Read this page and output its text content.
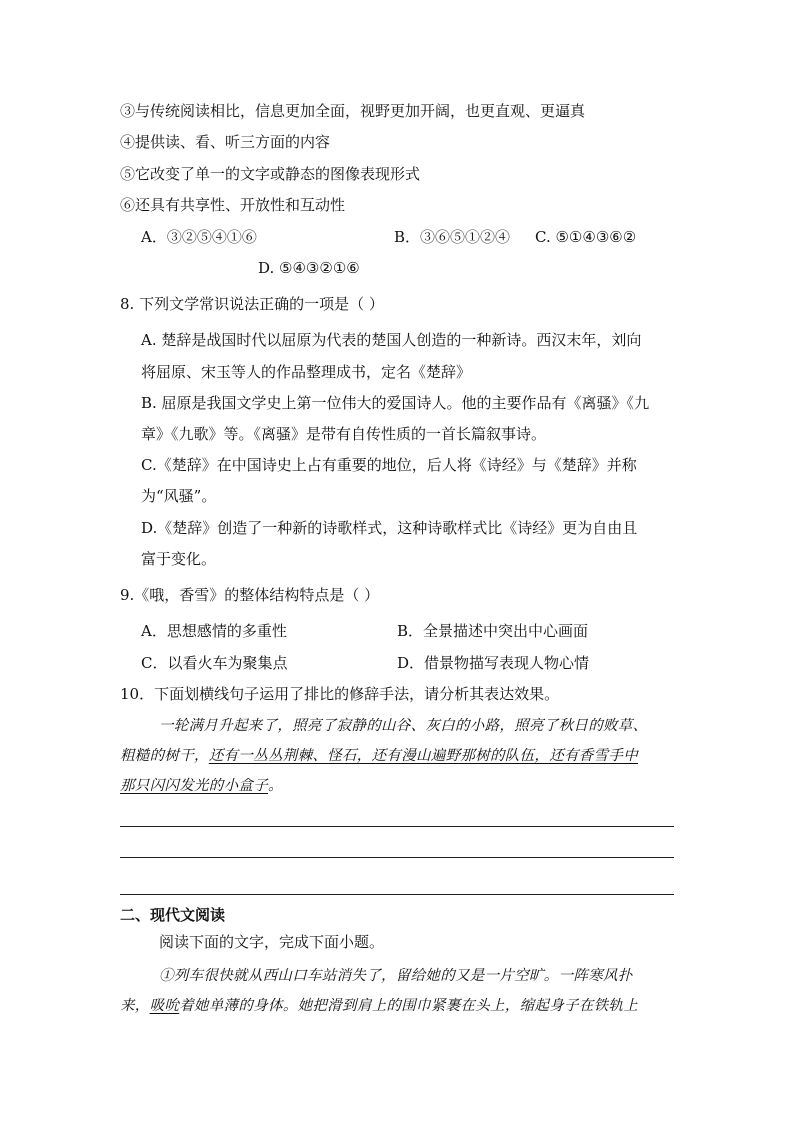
③与传统阅读相比，信息更加全面，视野更加开阔，也更直观、更逼真
④提供读、看、听三方面的内容
⑤它改变了单一的文字或静态的图像表现形式
⑥还具有共享性、开放性和互动性
A．③②⑤④①⑥	B．③⑥⑤①②④ C. ⑤①④③⑥②
D. ⑤④③②①⑥
8. 下列文学常识说法正确的一项是（ ）
A. 楚辞是战国时代以屈原为代表的楚国人创造的一种新诗。西汉末年，刘向
将屈原、宋玉等人的作品整理成书，定名《楚辞》
B. 屈原是我国文学史上第一位伟大的爱国诗人。他的主要作品有《离骚》《九
章》《九歌》等。《离骚》是带有自传性质的一首长篇叙事诗。
C.《楚辞》在中国诗史上占有重要的地位，后人将《诗经》与《楚辞》并称
为“风骚”。
D.《楚辞》创造了一种新的诗歌样式，这种诗歌样式比《诗经》更为自由且
富于变化。
9.《哦，香雪》的整体结构特点是（ ）
A．思想感情的多重性	B．全景描述中突出中心画面
C．以看火车为聚集点	D．借景物描写表现人物心情
10．下面划横线句子运用了排比的修辞手法，请分析其表达效果。
一轮满月升起来了，照亮了寂静的山谷、灰白的小路，照亮了秋日的败草、
粗糙的树干，还有一丛丛荆棘、怪石，还有漫山遍野那树的队伍，还有香雪手中
那只闪闪发光的小盒子。
二、现代文阅读
阅读下面的文字，完成下面小题。
①列车很快就从西山口车站消失了，留给她的又是一片空旷。一阵寒风扑
来，吸吮着她单薄的身体。她把滑到肩上的围巾紧裹在头上，缩起身子在铁轨上
